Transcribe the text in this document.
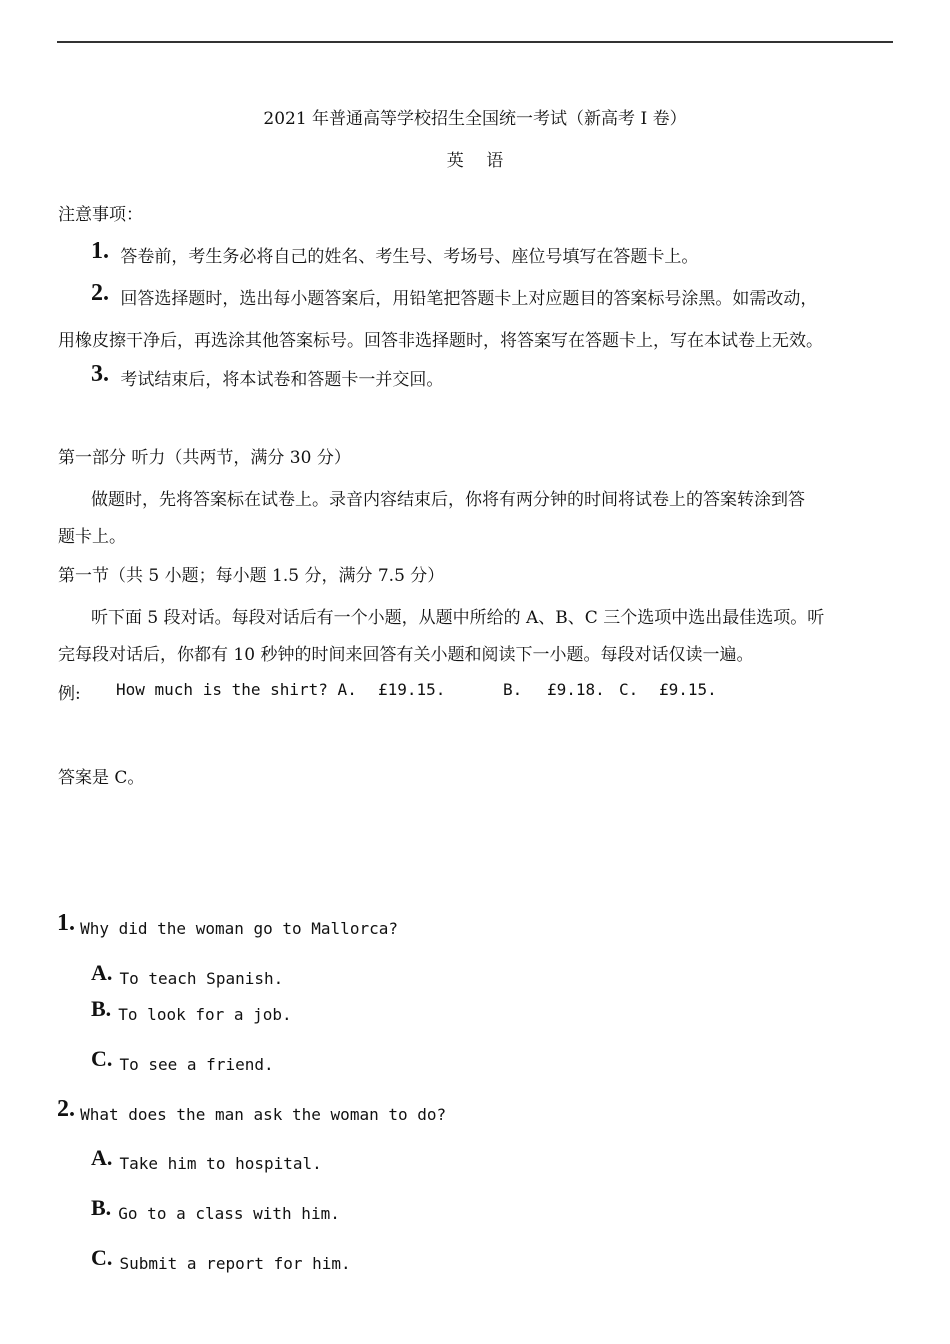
2021 年普通高等学校招生全国统一考试（新高考 I 卷）
英　 语
注意事项：
1. 答卷前，考生务必将自己的姓名、考生号、考场号、座位号填写在答题卡上。
2. 回答选择题时，选出每小题答案后，用铅笔把答题卡上对应题目的答案标号涂黑。如需改动，
用橡皮擦干净后，再选涂其他答案标号。回答非选择题时，将答案写在答题卡上，写在本试卷上无效。
3. 考试结束后，将本试卷和答题卡一并交回。
第一部分 听力（共两节，满分 30 分）
做题时，先将答案标在试卷上。录音内容结束后，你将有两分钟的时间将试卷上的答案转涂到答
题卡上。
第一节（共 5 小题；每小题 1.5 分，满分 7.5 分）
听下面 5 段对话。每段对话后有一个小题，从题中所给的 A、B、C 三个选项中选出最佳选项。听
完每段对话后，你都有 10 秒钟的时间来回答有关小题和阅读下一小题。每段对话仅读一遍。
例: How much is the shirt? A. £19.15.	B. £9.18. C. £9.15.
答案是 C。
1. Why did the woman go to Mallorca?
A. To teach Spanish.
B. To look for a job.
C. To see a friend.
2. What does the man ask the woman to do?
A. Take him to hospital.
B. Go to a class with him.
C. Submit a report for him.
